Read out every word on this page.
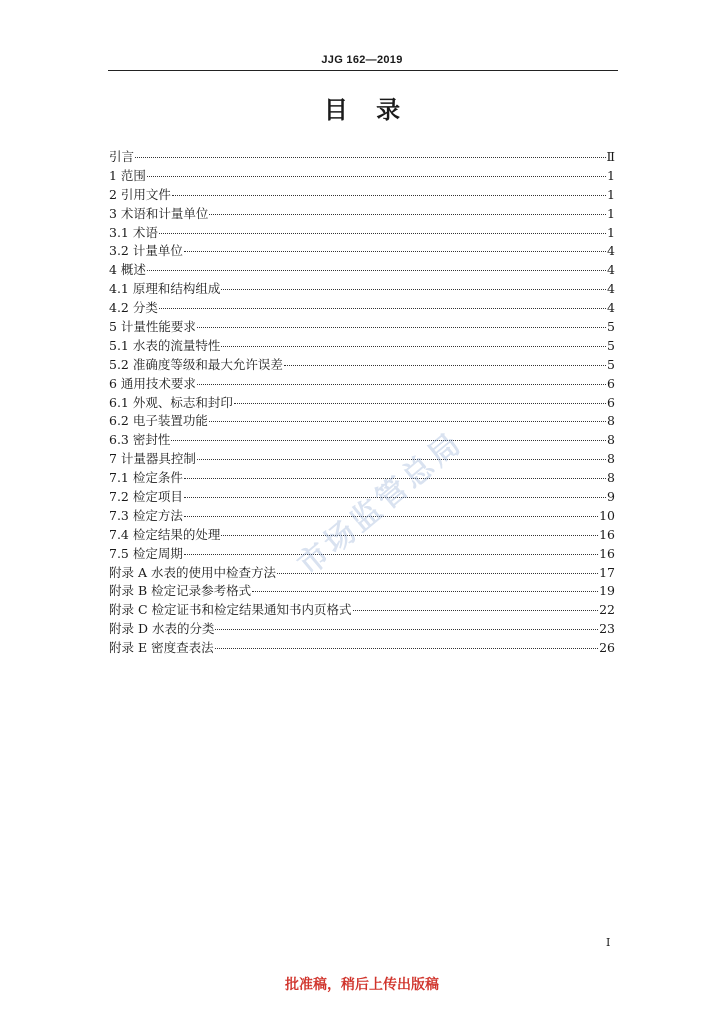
JJG 162—2019
目 录
引言	Ⅱ
1 范围	1
2 引用文件	1
3 术语和计量单位	1
3.1 术语	1
3.2 计量单位	4
4 概述	4
4.1 原理和结构组成	4
4.2 分类	4
5 计量性能要求	5
5.1 水表的流量特性	5
5.2 准确度等级和最大允许误差	5
6 通用技术要求	6
6.1 外观、标志和封印	6
6.2 电子装置功能	8
6.3 密封性	8
7 计量器具控制	8
7.1 检定条件	8
7.2 检定项目	9
7.3 检定方法	10
7.4 检定结果的处理	16
7.5 检定周期	16
附录 A 水表的使用中检查方法	17
附录 B 检定记录参考格式	19
附录 C 检定证书和检定结果通知书内页格式	22
附录 D 水表的分类	23
附录 E 密度查表法	26
市场监管总局
I
批准稿，稍后上传出版稿
